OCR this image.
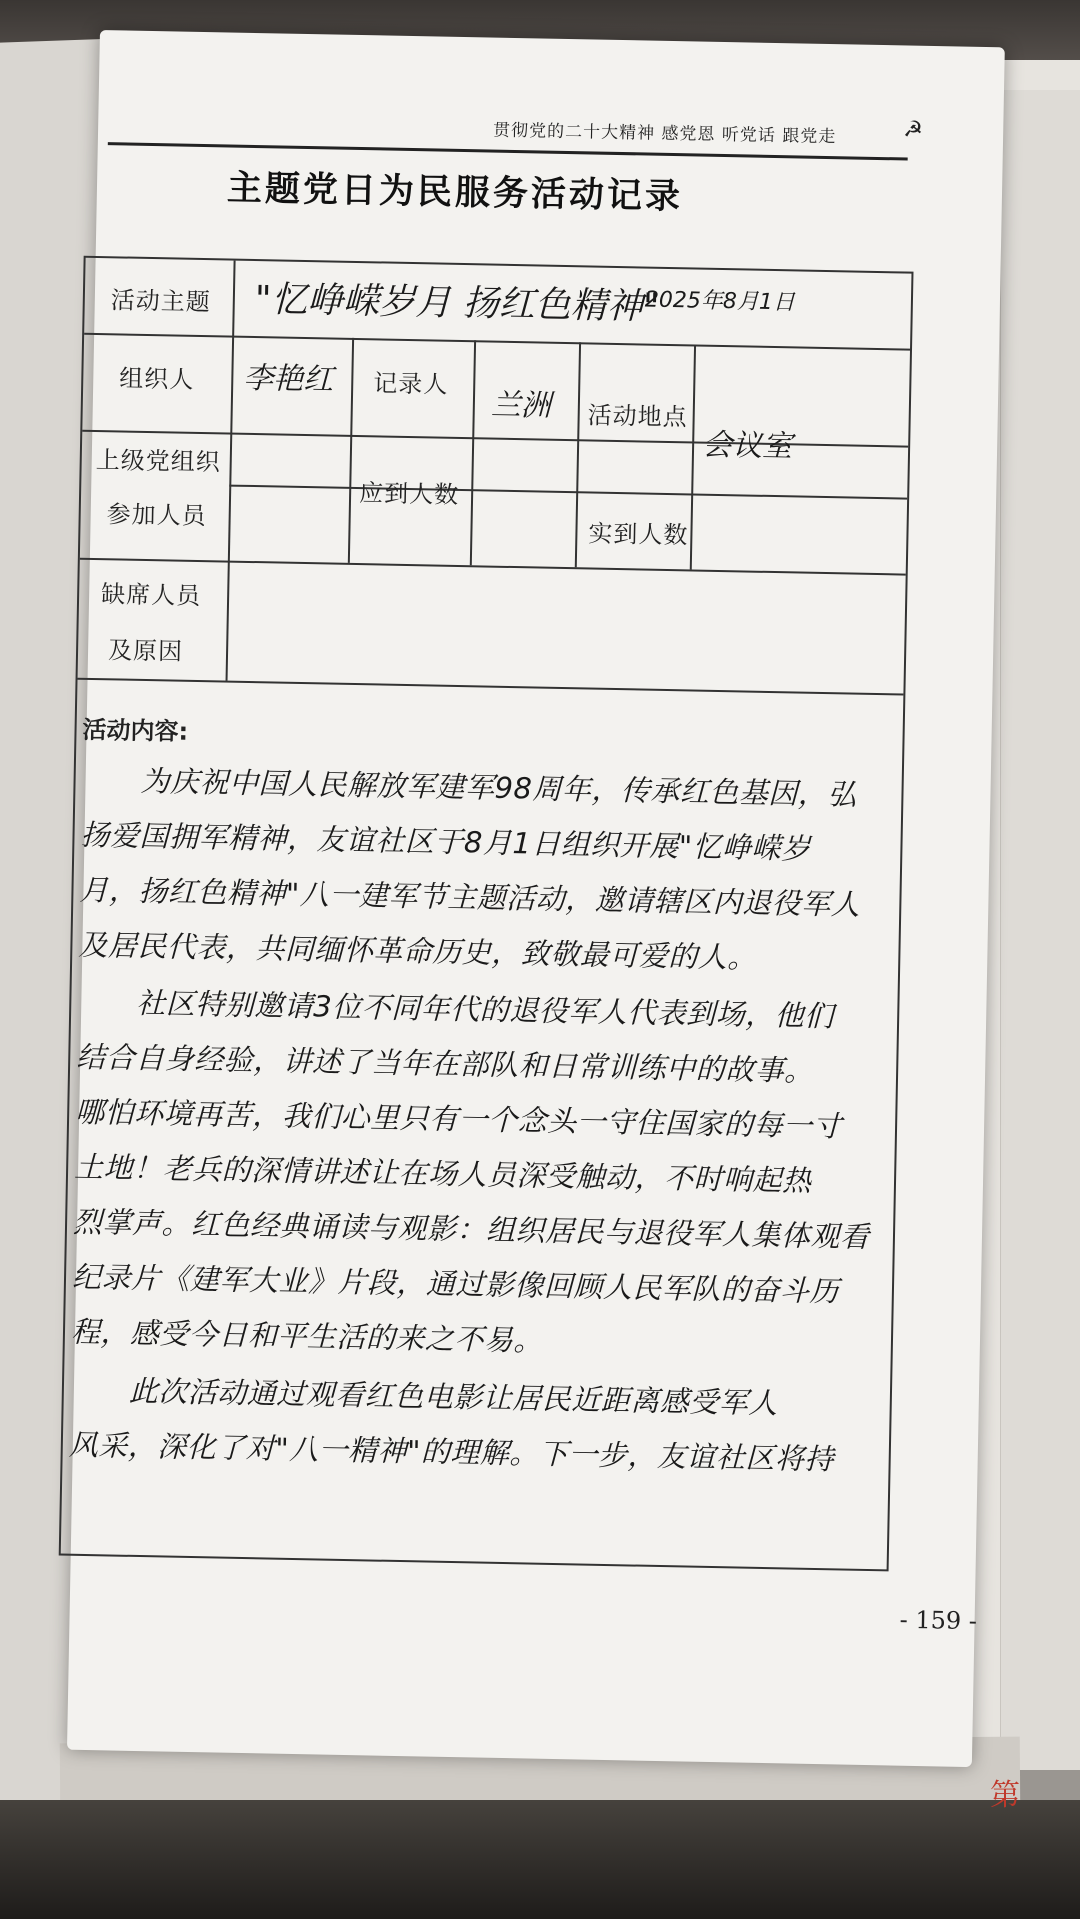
第
贯彻党的二十大精神 感党恩 听党话 跟党走	☭
主题党日为民服务活动记录
活动主题 "忆峥嵘岁月 扬红色精神"
2025年8月1日
组织人 李艳红 记录人
兰洲 活动地点
会议室
上级党组织
参加人员
应到人数
实到人数
缺席人员
及原因
活动内容:
　　为庆祝中国人民解放军建军98周年，传承红色基因，弘
扬爱国拥军精神，友谊社区于8月1日组织开展"忆峥嵘岁
月，扬红色精神"八一建军节主题活动，邀请辖区内退役军人
及居民代表，共同缅怀革命历史，致敬最可爱的人。
　　社区特别邀请3位不同年代的退役军人代表到场，他们
结合自身经验，讲述了当年在部队和日常训练中的故事。
哪怕环境再苦，我们心里只有一个念头一守住国家的每一寸
土地！老兵的深情讲述让在场人员深受触动，不时响起热
烈掌声。红色经典诵读与观影：组织居民与退役军人集体观看
纪录片《建军大业》片段，通过影像回顾人民军队的奋斗历
程，感受今日和平生活的来之不易。
　　此次活动通过观看红色电影让居民近距离感受军人
风采，深化了对"八一精神"的理解。下一步，友谊社区将持
- 159 -
